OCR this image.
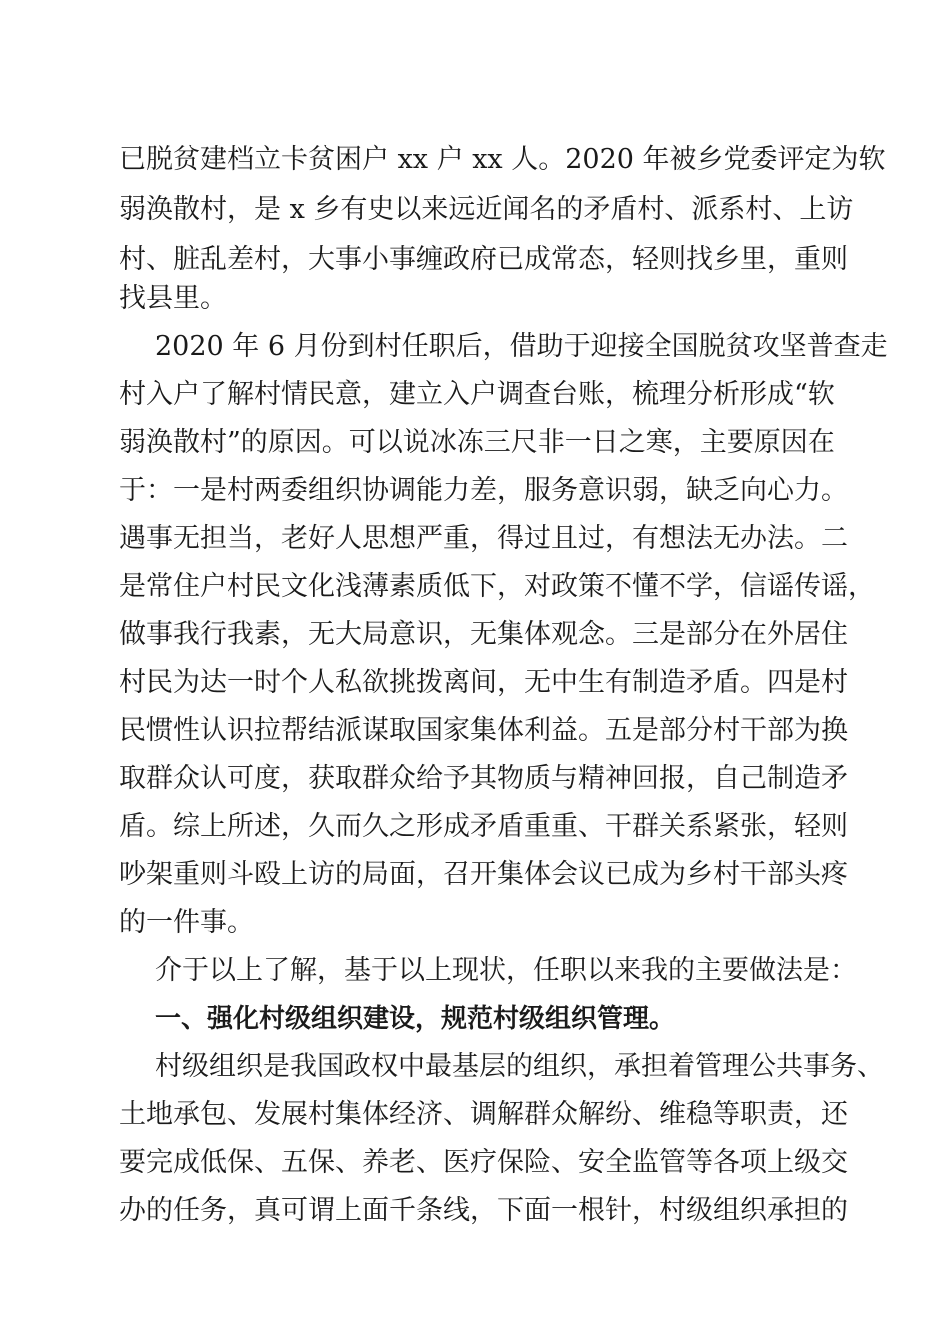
已脱贫建档立卡贫困户 xx 户 xx 人。2020 年被乡党委评定为软
弱涣散村，是 x 乡有史以来远近闻名的矛盾村、派系村、上访
村、脏乱差村，大事小事缠政府已成常态，轻则找乡里，重则
找县里。
2020 年 6 月份到村任职后，借助于迎接全国脱贫攻坚普查走
村入户了解村情民意，建立入户调查台账，梳理分析形成“软
弱涣散村”的原因。可以说冰冻三尺非一日之寒，主要原因在
于：一是村两委组织协调能力差，服务意识弱，缺乏向心力。
遇事无担当，老好人思想严重，得过且过，有想法无办法。二
是常住户村民文化浅薄素质低下，对政策不懂不学，信谣传谣，
做事我行我素，无大局意识，无集体观念。三是部分在外居住
村民为达一时个人私欲挑拨离间，无中生有制造矛盾。四是村
民惯性认识拉帮结派谋取国家集体利益。五是部分村干部为换
取群众认可度，获取群众给予其物质与精神回报，自己制造矛
盾。综上所述，久而久之形成矛盾重重、干群关系紧张，轻则
吵架重则斗殴上访的局面，召开集体会议已成为乡村干部头疼
的一件事。
介于以上了解，基于以上现状，任职以来我的主要做法是：
一、强化村级组织建设，规范村级组织管理。
村级组织是我国政权中最基层的组织，承担着管理公共事务、
土地承包、发展村集体经济、调解群众解纷、维稳等职责，还
要完成低保、五保、养老、医疗保险、安全监管等各项上级交
办的任务，真可谓上面千条线，下面一根针，村级组织承担的
